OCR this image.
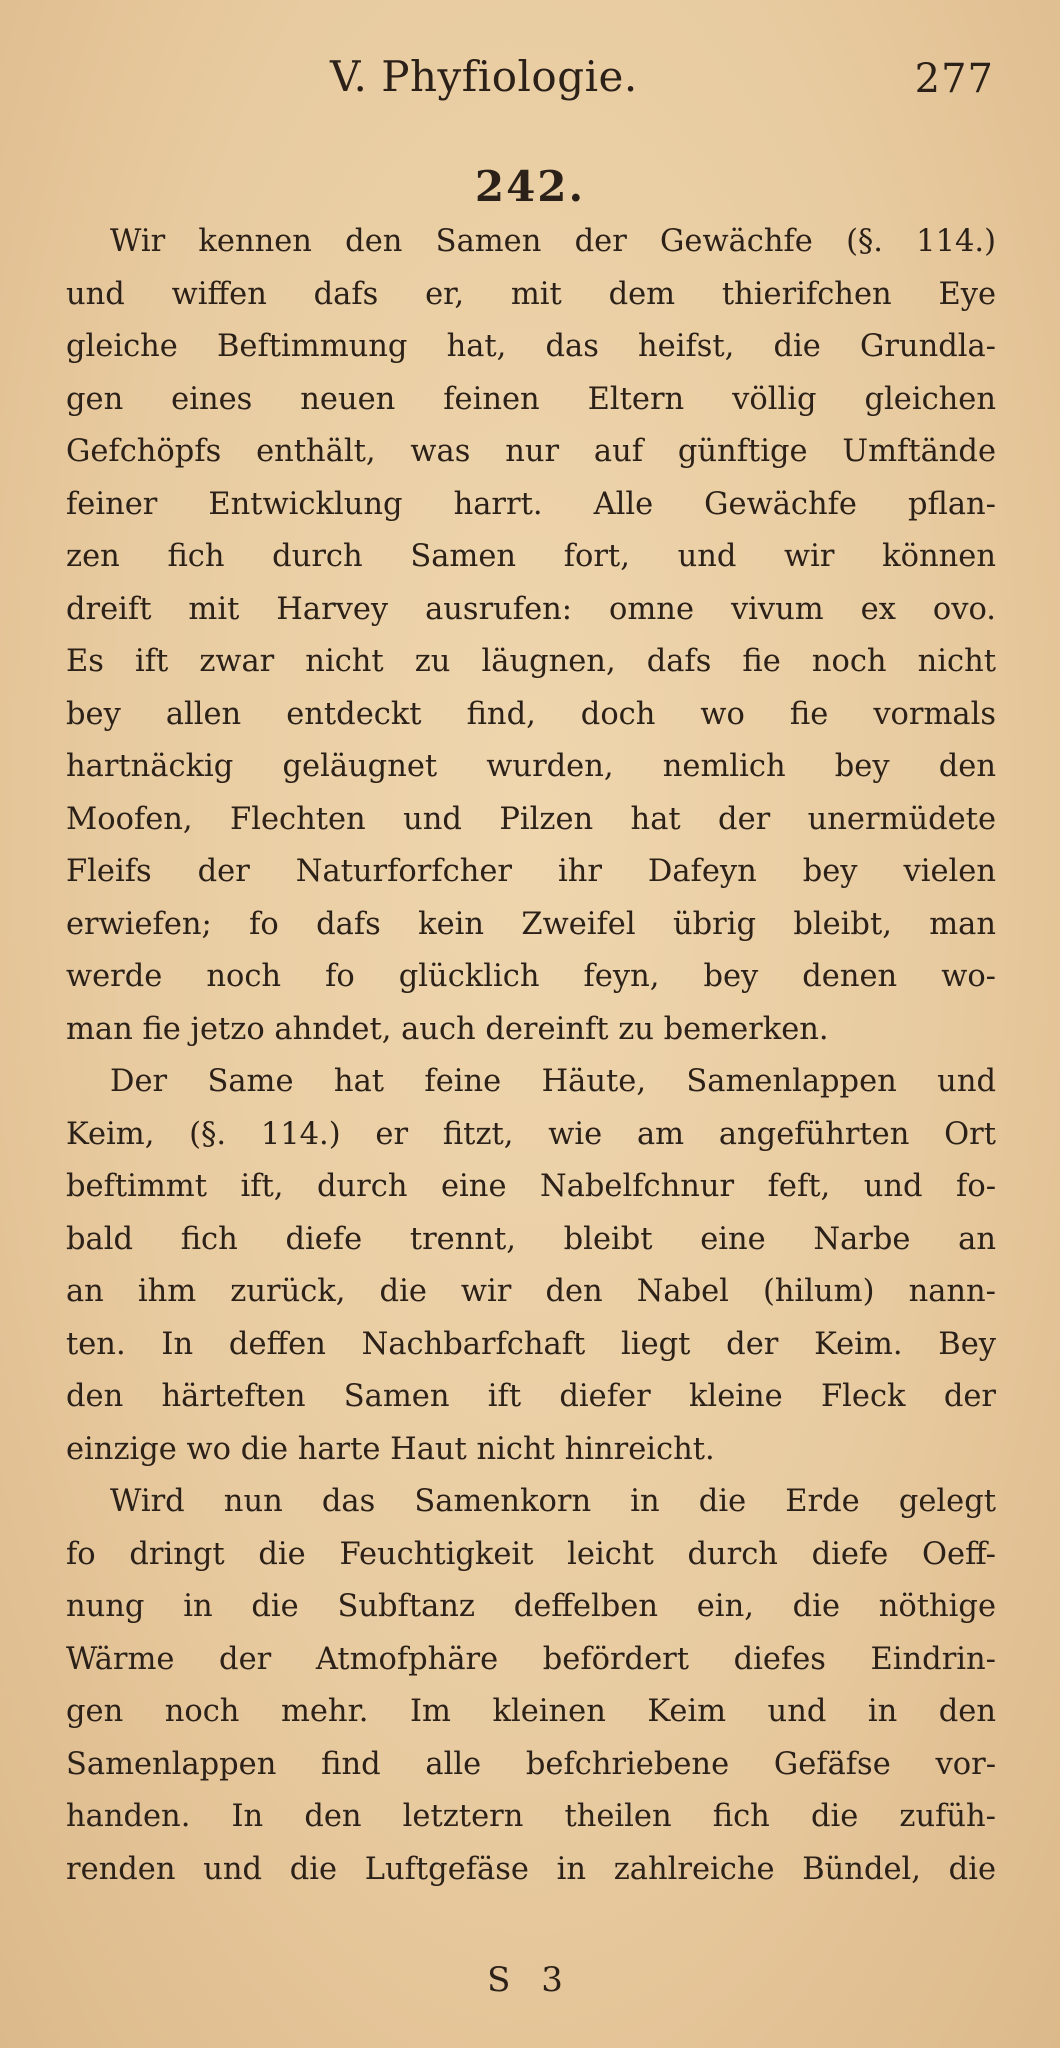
V. Phyfiologie.	277
242.
Wir kennen den Samen der Gewächfe (§. 114.)
und wiffen dafs er, mit dem thierifchen Eye
gleiche Beftimmung hat, das heifst, die Grundla-
gen eines neuen feinen Eltern völlig gleichen
Gefchöpfs enthält, was nur auf günftige Umftände
feiner Entwicklung harrt. Alle Gewächfe pflan-
zen fich durch Samen fort, und wir können
dreift mit Harvey ausrufen: omne vivum ex ovo.
Es ift zwar nicht zu läugnen, dafs fie noch nicht
bey allen entdeckt find, doch wo fie vormals
hartnäckig geläugnet wurden, nemlich bey den
Moofen, Flechten und Pilzen hat der unermüdete
Fleifs der Naturforfcher ihr Dafeyn bey vielen
erwiefen; fo dafs kein Zweifel übrig bleibt, man
werde noch fo glücklich feyn, bey denen wo-
man fie jetzo ahndet, auch dereinft zu bemerken.
Der Same hat feine Häute, Samenlappen und
Keim, (§. 114.) er fitzt, wie am angeführten Ort
beftimmt ift, durch eine Nabelfchnur feft, und fo-
bald fich diefe trennt, bleibt eine Narbe an
an ihm zurück, die wir den Nabel (hilum) nann-
ten. In deffen Nachbarfchaft liegt der Keim. Bey
den härteften Samen ift diefer kleine Fleck der
einzige wo die harte Haut nicht hinreicht.
Wird nun das Samenkorn in die Erde gelegt
fo dringt die Feuchtigkeit leicht durch diefe Oeff-
nung in die Subftanz deffelben ein, die nöthige
Wärme der Atmofphäre befördert diefes Eindrin-
gen noch mehr. Im kleinen Keim und in den
Samenlappen find alle befchriebene Gefäfse vor-
handen. In den letztern theilen fich die zufüh-
renden und die Luftgefäse in zahlreiche Bündel, die
S 3
